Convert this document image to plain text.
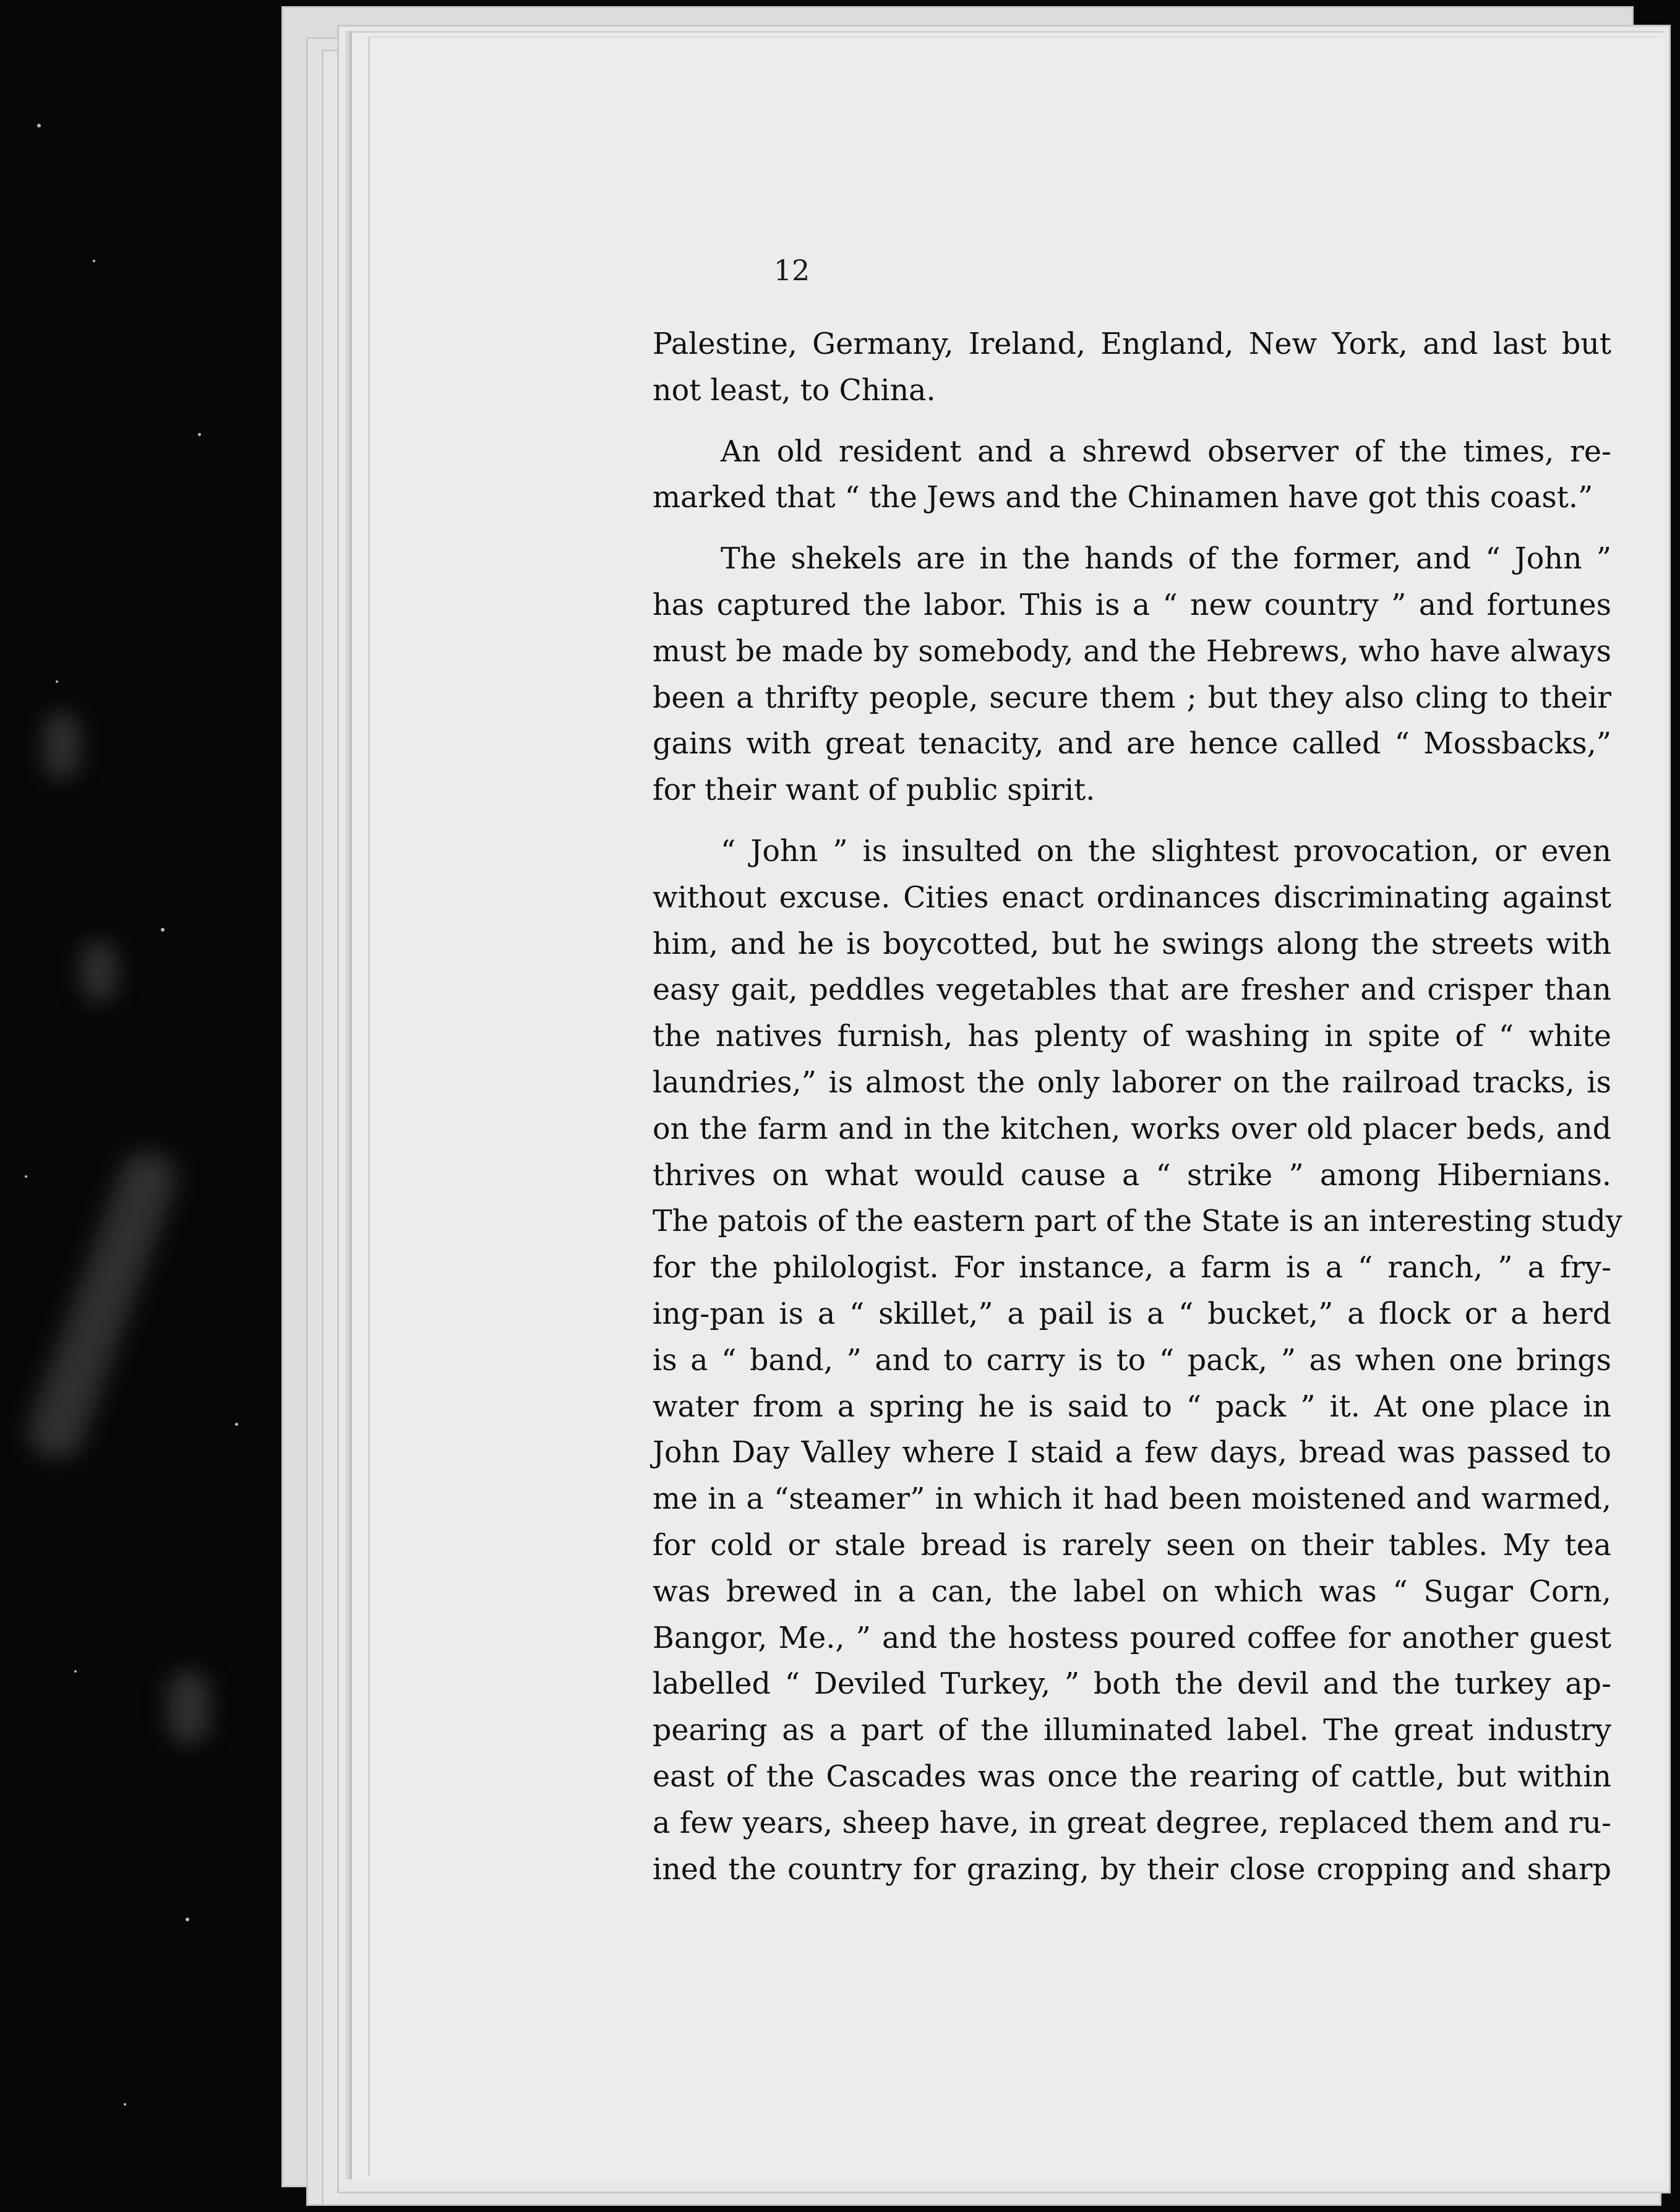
12
Palestine, Germany, Ireland, England, New York, and last but
not least, to China.
An old resident and a shrewd observer of the times, re-
marked that “ the Jews and the Chinamen have got this coast.”
The shekels are in the hands of the former, and “ John ”
has captured the labor. This is a “ new country ” and fortunes
must be made by somebody, and the Hebrews, who have always
been a thrifty people, secure them ; but they also cling to their
gains with great tenacity, and are hence called “ Mossbacks,”
for their want of public spirit.
“ John ” is insulted on the slightest provocation, or even
without excuse. Cities enact ordinances discriminating against
him, and he is boycotted, but he swings along the streets with
easy gait, peddles vegetables that are fresher and crisper than
the natives furnish, has plenty of washing in spite of “ white
laundries,” is almost the only laborer on the railroad tracks, is
on the farm and in the kitchen, works over old placer beds, and
thrives on what would cause a “ strike ” among Hibernians.
The patois of the eastern part of the State is an interesting study
for the philologist. For instance, a farm is a “ ranch, ” a fry-
ing-pan is a “ skillet,” a pail is a “ bucket,” a flock or a herd
is a “ band, ” and to carry is to “ pack, ” as when one brings
water from a spring he is said to “ pack ” it. At one place in
John Day Valley where I staid a few days, bread was passed to
me in a “steamer” in which it had been moistened and warmed,
for cold or stale bread is rarely seen on their tables. My tea
was brewed in a can, the label on which was “ Sugar Corn,
Bangor, Me., ” and the hostess poured coffee for another guest
labelled “ Deviled Turkey, ” both the devil and the turkey ap-
pearing as a part of the illuminated label. The great industry
east of the Cascades was once the rearing of cattle, but within
a few years, sheep have, in great degree, replaced them and ru-
ined the country for grazing, by their close cropping and sharp
